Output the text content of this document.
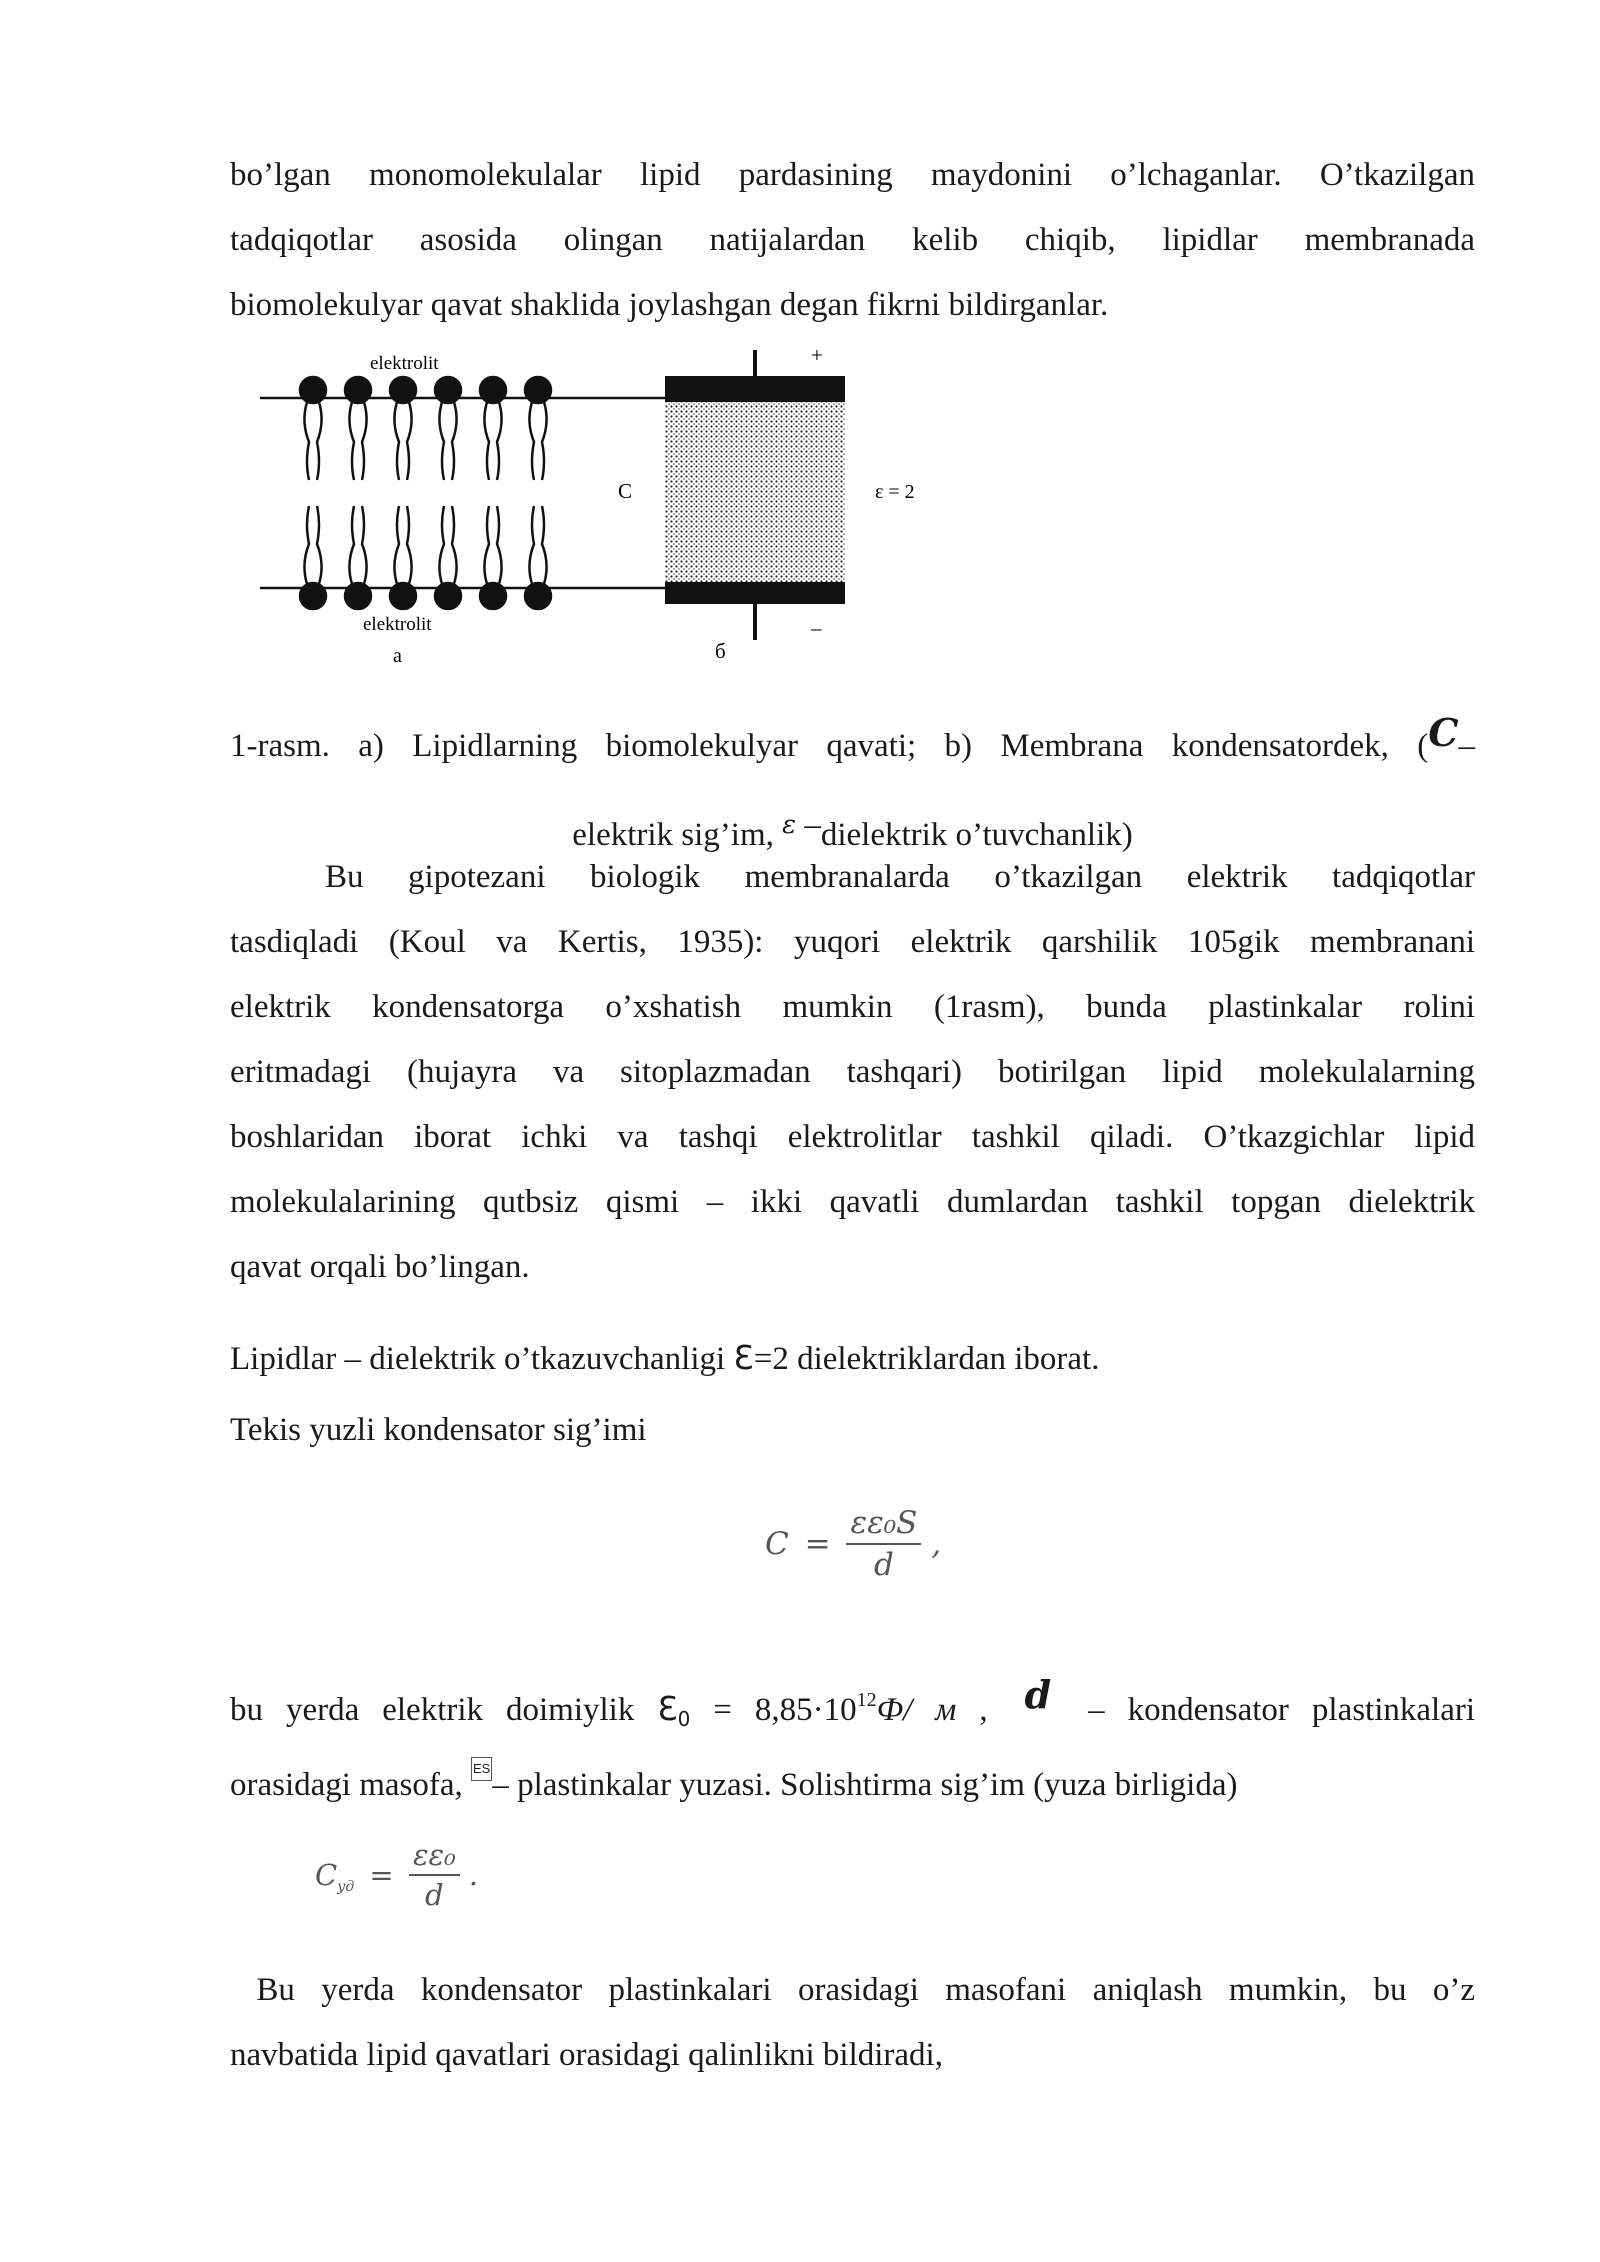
bo’lgan monomolekulalar lipid pardasining maydonini o’lchaganlar. O’tkazilgan
tadqiqotlar asosida olingan natijalardan kelib chiqib, lipidlar membranada
biomolekulyar qavat shaklida joylashgan degan fikrni bildirganlar.
elektrolit
elektrolit
a
C	ε = 2
+
–
б
1-rasm. a) Lipidlarning biomolekulyar qavati; b) Membrana kondensatordek, (C–
elektrik sig’im, $^\varepsilon$ –dielektrik o’tuvchanlik)
Bu gipotezani biologik membranalarda o’tkazilgan elektrik tadqiqotlar
tasdiqladi (Koul va Kertis, 1935): yuqori elektrik qarshilik 105gik membranani
elektrik kondensatorga o’xshatish mumkin (1rasm), bunda plastinkalar rolini
eritmadagi (hujayra va sitoplazmadan tashqari) botirilgan lipid molekulalarning
boshlaridan iborat ichki va tashqi elektrolitlar tashkil qiladi. O’tkazgichlar lipid
molekulalarining qutbsiz qismi – ikki qavatli dumlardan tashkil topgan dielektrik
qavat orqali bo’lingan.
Lipidlar – dielektrik o’tkazuvchanligi Ɛ=2 dielektriklardan iborat.
Tekis yuzli kondensator sig’imi
$C = \frac{\text{εε₀S}}{d}$ ,
bu yerda elektrik doimiylik $Ɛ_0 = 8,85\cdot 10^{12}Ф/$ м , d – kondensator plastinkalari
orasidagi masofa, ES– plastinkalar yuzasi. Solishtirma sig’im (yuza birligida)
$C_{уд} = \frac{\text{εε₀}}{d}$ .
Bu yerda kondensator plastinkalari orasidagi masofani aniqlash mumkin, bu o’z
navbatida lipid qavatlari orasidagi qalinlikni bildiradi,
